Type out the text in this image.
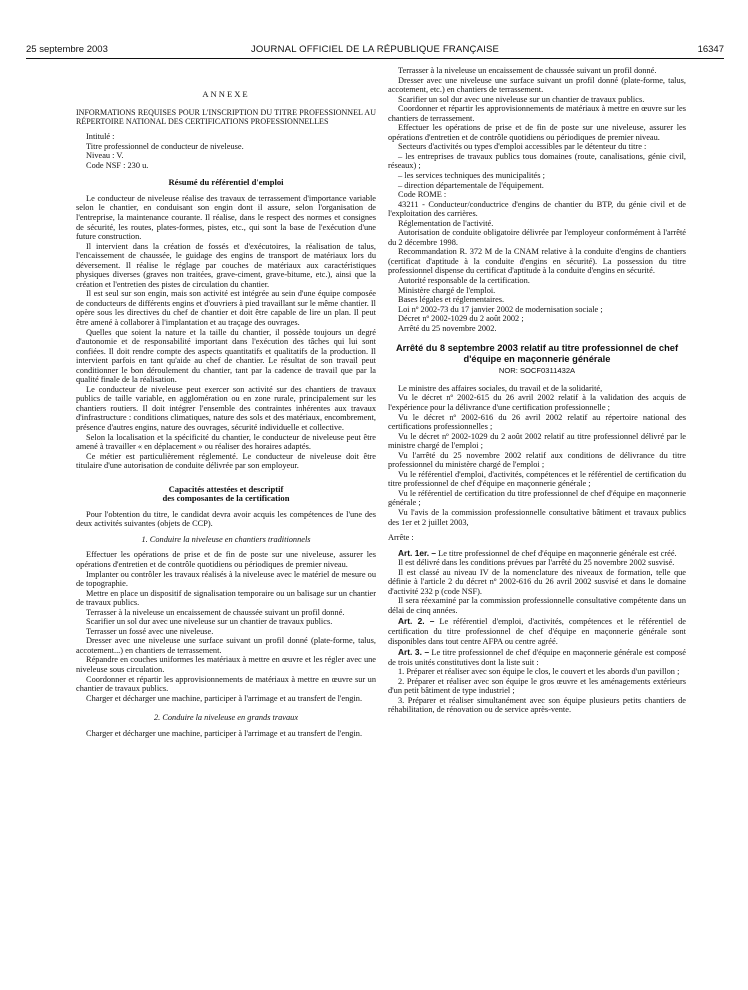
25 septembre 2003	JOURNAL OFFICIEL DE LA RÉPUBLIQUE FRANÇAISE	16347
ANNEXE

INFORMATIONS REQUISES POUR L'INSCRIPTION DU TITRE PROFESSIONNEL AU RÉPERTOIRE NATIONAL DES CERTIFICATIONS PROFESSIONNELLES

Intitulé :

Titre professionnel de conducteur de niveleuse.

Niveau : V.

Code NSF : 230 u.

Résumé du référentiel d'emploi

Le conducteur de niveleuse réalise des travaux de terrassement d'importance variable selon le chantier, en conduisant son engin dont il assure, selon l'organisation de l'entreprise, la maintenance courante. Il réalise, dans le respect des normes et consignes de sécurité, les routes, plates-formes, pistes, etc., qui sont la base de l'exécution d'une future construction.

Il intervient dans la création de fossés et d'exécutoires, la réalisation de talus, l'encaissement de chaussée, le guidage des engins de transport de matériaux lors du déversement. Il réalise le réglage par couches de matériaux aux caractéristiques physiques diverses (graves non traitées, grave-ciment, grave-bitume, etc.), ainsi que la création et l'entretien des pistes de circulation du chantier.

Il est seul sur son engin, mais son activité est intégrée au sein d'une équipe composée de conducteurs de différents engins et d'ouvriers à pied travaillant sur le même chantier. Il opère sous les directives du chef de chantier et doit être capable de lire un plan. Il peut être amené à collaborer à l'implantation et au traçage des ouvrages.

Quelles que soient la nature et la taille du chantier, il possède toujours un degré d'autonomie et de responsabilité important dans l'exécution des tâches qui lui sont confiées. Il doit rendre compte des aspects quantitatifs et qualitatifs de la production. Il intervient parfois en tant qu'aide au chef de chantier. Le résultat de son travail peut conditionner le bon déroulement du chantier, tant par la cadence de travail que par la qualité finale de la réalisation.

Le conducteur de niveleuse peut exercer son activité sur des chantiers de travaux publics de taille variable, en agglomération ou en zone rurale, principalement sur les chantiers routiers. Il doit intégrer l'ensemble des contraintes inhérentes aux travaux d'infrastructure : conditions climatiques, nature des sols et des matériaux, encombrement, présence d'autres engins, nature des ouvrages, sécurité individuelle et collective.

Selon la localisation et la spécificité du chantier, le conducteur de niveleuse peut être amené à travailler « en déplacement » ou réaliser des horaires adaptés.

Ce métier est particulièrement réglementé. Le conducteur de niveleuse doit être titulaire d'une autorisation de conduite délivrée par son employeur.

Capacités attestées et descriptif
des composantes de la certification

Pour l'obtention du titre, le candidat devra avoir acquis les compétences de l'une des deux activités suivantes (objets de CCP).

1. Conduire la niveleuse en chantiers traditionnels

Effectuer les opérations de prise et de fin de poste sur une niveleuse, assurer les opérations d'entretien et de contrôle quotidiens ou périodiques de premier niveau.

Implanter ou contrôler les travaux réalisés à la niveleuse avec le matériel de mesure ou de topographie.

Mettre en place un dispositif de signalisation temporaire ou un balisage sur un chantier de travaux publics.

Terrasser à la niveleuse un encaissement de chaussée suivant un profil donné.

Scarifier un sol dur avec une niveleuse sur un chantier de travaux publics.

Terrasser un fossé avec une niveleuse.

Dresser avec une niveleuse une surface suivant un profil donné (plate-forme, talus, accotement...) en chantiers de terrassement.

Répandre en couches uniformes les matériaux à mettre en œuvre et les régler avec une niveleuse sous circulation.

Coordonner et répartir les approvisionnements de matériaux à mettre en œuvre sur un chantier de travaux publics.

Charger et décharger une machine, participer à l'arrimage et au transfert de l'engin.

2. Conduire la niveleuse en grands travaux

Charger et décharger une machine, participer à l'arrimage et au transfert de l'engin.

Terrasser à la niveleuse un encaissement de chaussée suivant un profil donné.

Dresser avec une niveleuse une surface suivant un profil donné (plate-forme, talus, accotement, etc.) en chantiers de terrassement.

Scarifier un sol dur avec une niveleuse sur un chantier de travaux publics.

Coordonner et répartir les approvisionnements de matériaux à mettre en œuvre sur les chantiers de terrassement.

Effectuer les opérations de prise et de fin de poste sur une niveleuse, assurer les opérations d'entretien et de contrôle quotidiens ou périodiques de premier niveau.

Secteurs d'activités ou types d'emploi accessibles par le détenteur du titre :

– les entreprises de travaux publics tous domaines (route, canalisations, génie civil, réseaux) ;

– les services techniques des municipalités ;

– direction départementale de l'équipement.

Code ROME :

43211 - Conducteur/conductrice d'engins de chantier du BTP, du génie civil et de l'exploitation des carrières.

Réglementation de l'activité.

Autorisation de conduite obligatoire délivrée par l'employeur conformément à l'arrêté du 2 décembre 1998.

Recommandation R. 372 M de la CNAM relative à la conduite d'engins de chantiers (certificat d'aptitude à la conduite d'engins en sécurité). La possession du titre professionnel dispense du certificat d'aptitude à la conduite d'engins en sécurité.

Autorité responsable de la certification.

Ministère chargé de l'emploi.

Bases légales et réglementaires.

Loi nº 2002-73 du 17 janvier 2002 de modernisation sociale ;

Décret nº 2002-1029 du 2 août 2002 ;

Arrêté du 25 novembre 2002.

Arrêté du 8 septembre 2003 relatif au titre professionnel de chef d'équipe en maçonnerie générale
NOR: SOCF0311432A

Le ministre des affaires sociales, du travail et de la solidarité,

Vu le décret nº 2002-615 du 26 avril 2002 relatif à la validation des acquis de l'expérience pour la délivrance d'une certification professionnelle ;

Vu le décret nº 2002-616 du 26 avril 2002 relatif au répertoire national des certifications professionnelles ;

Vu le décret nº 2002-1029 du 2 août 2002 relatif au titre professionnel délivré par le ministre chargé de l'emploi ;

Vu l'arrêté du 25 novembre 2002 relatif aux conditions de délivrance du titre professionnel du ministère chargé de l'emploi ;

Vu le référentiel d'emploi, d'activités, compétences et le référentiel de certification du titre professionnel de chef d'équipe en maçonnerie générale ;

Vu le référentiel de certification du titre professionnel de chef d'équipe en maçonnerie générale ;

Vu l'avis de la commission professionnelle consultative bâtiment et travaux publics des 1er et 2 juillet 2003,

Arrête :

Art. 1er. – Le titre professionnel de chef d'équipe en maçonnerie générale est créé.

Il est délivré dans les conditions prévues par l'arrêté du 25 novembre 2002 susvisé.

Il est classé au niveau IV de la nomenclature des niveaux de formation, telle que définie à l'article 2 du décret nº 2002-616 du 26 avril 2002 susvisé et dans le domaine d'activité 232 p (code NSF).

Il sera réexaminé par la commission professionnelle consultative compétente dans un délai de cinq années.

Art. 2. – Le référentiel d'emploi, d'activités, compétences et le référentiel de certification du titre professionnel de chef d'équipe en maçonnerie générale sont disponibles dans tout centre AFPA ou centre agréé.

Art. 3. – Le titre professionnel de chef d'équipe en maçonnerie générale est composé de trois unités constitutives dont la liste suit :

1. Préparer et réaliser avec son équipe le clos, le couvert et les abords d'un pavillon ;

2. Préparer et réaliser avec son équipe le gros œuvre et les aménagements extérieurs d'un petit bâtiment de type industriel ;

3. Préparer et réaliser simultanément avec son équipe plusieurs petits chantiers de réhabilitation, de rénovation ou de service après-vente.
